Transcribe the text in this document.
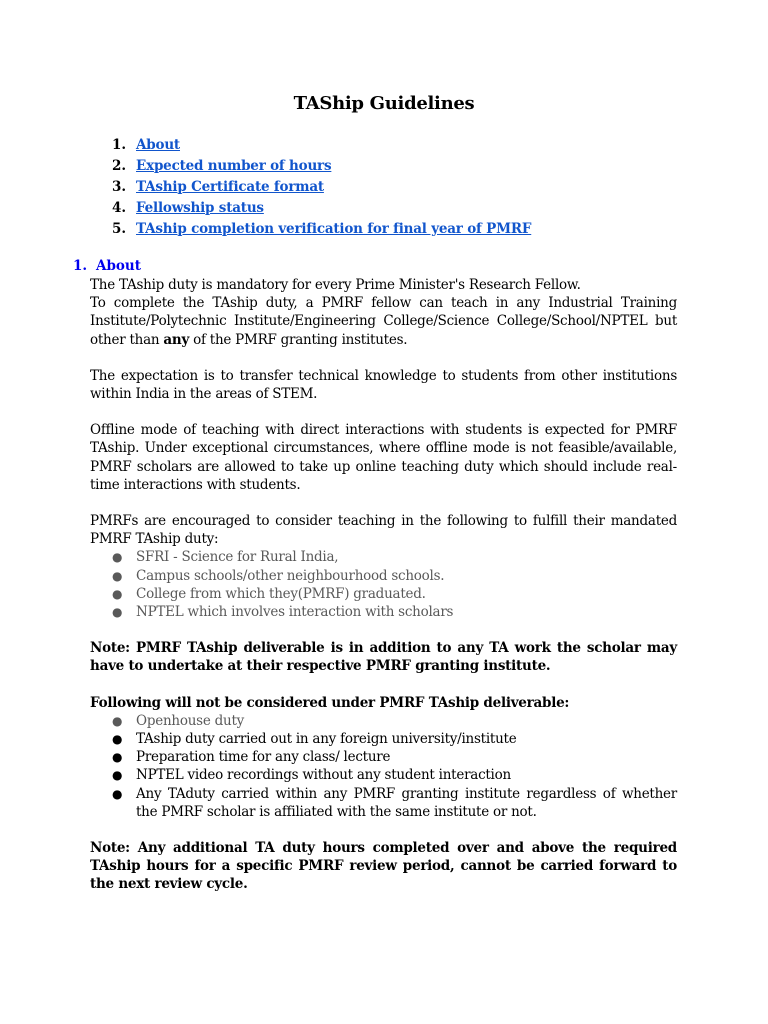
TAShip Guidelines
1. About
2. Expected number of hours
3. TAship Certificate format
4. Fellowship status
5. TAship completion verification for final year of PMRF
1. About

The TAship duty is mandatory for every Prime Minister's Research Fellow.

To complete the TAship duty, a PMRF fellow can teach in any Industrial Training Institute/Polytechnic Institute/Engineering College/Science College/School/NPTEL but other than any of the PMRF granting institutes.

The expectation is to transfer technical knowledge to students from other institutions within India in the areas of STEM.

Offline mode of teaching with direct interactions with students is expected for PMRF TAship. Under exceptional circumstances, where offline mode is not feasible/available, PMRF scholars are allowed to take up online teaching duty which should include real-time interactions with students.

PMRFs are encouraged to consider teaching in the following to fulfill their mandated PMRF TAship duty:

● SFRI - Science for Rural India,
● Campus schools/other neighbourhood schools.
● College from which they(PMRF) graduated.
● NPTEL which involves interaction with scholars

Note: PMRF TAship deliverable is in addition to any TA work the scholar may have to undertake at their respective PMRF granting institute.

Following will not be considered under PMRF TAship deliverable:

● Openhouse duty
● TAship duty carried out in any foreign university/institute
● Preparation time for any class/ lecture
● NPTEL video recordings without any student interaction
● Any TAduty carried within any PMRF granting institute regardless of whether the PMRF scholar is affiliated with the same institute or not.

Note: Any additional TA duty hours completed over and above the required TAship hours for a specific PMRF review period, cannot be carried forward to the next review cycle.
